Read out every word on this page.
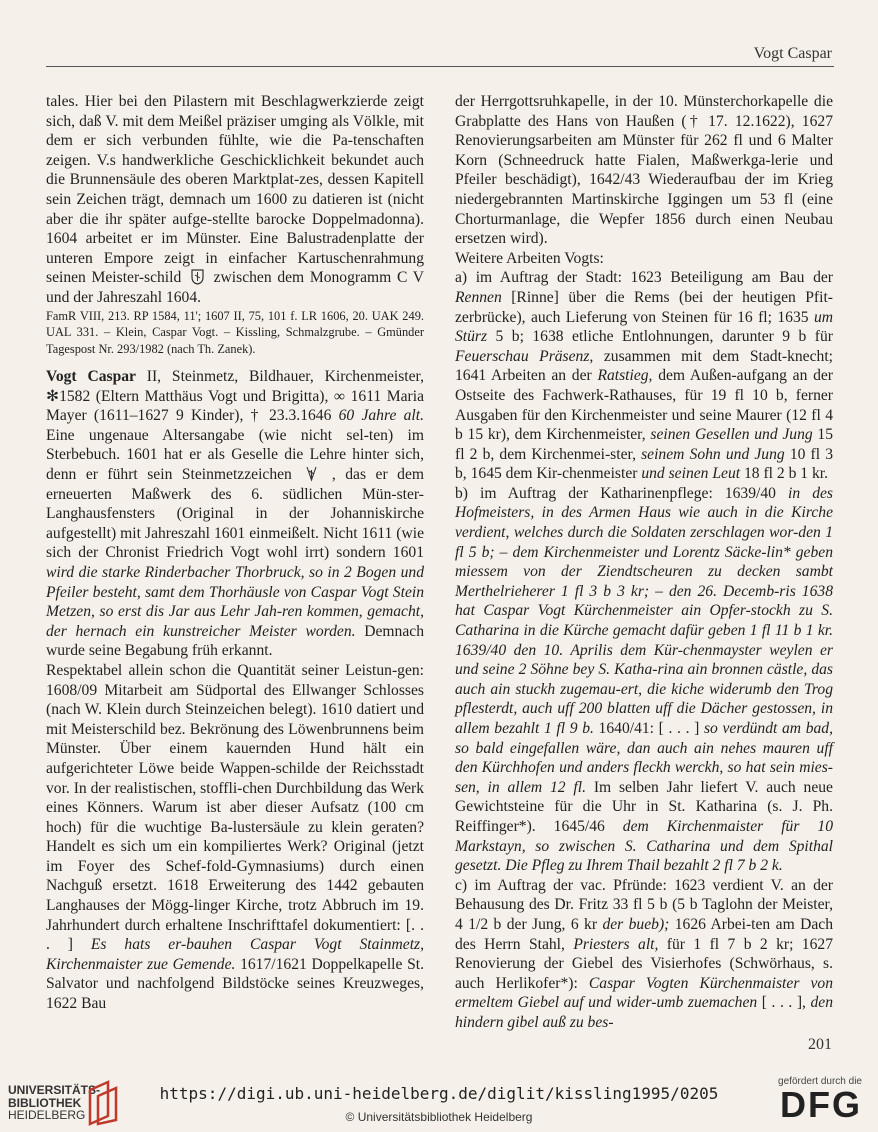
Vogt Caspar

tales. Hier bei den Pilastern mit Beschlagwerkzierde zeigt sich, daß V. mit dem Meißel präziser umging als Völkle, mit dem er sich verbunden fühlte, wie die Pa-tenschaften zeigen. V.s handwerkliche Geschicklichkeit bekundet auch die Brunnensäule des oberen Marktplat-zes, dessen Kapitell sein Zeichen trägt, demnach um 1600 zu datieren ist (nicht aber die ihr später aufge-stellte barocke Doppelmadonna). 1604 arbeitet er im Münster. Eine Balustradenplatte der unteren Empore zeigt in einfacher Kartuschenrahmung seinen Meister-schild  zwischen dem Monogramm C V und der Jahreszahl 1604.

FamR VIII, 213. RP 1584, 11'; 1607 II, 75, 101 f. LR 1606, 20. UAK 249. UAL 331. – Klein, Caspar Vogt. – Kissling, Schmalzgrube. – Gmünder Tagespost Nr. 293/1982 (nach Th. Zanek).

Vogt Caspar II, Steinmetz, Bildhauer, Kirchenmeister, ✻1582 (Eltern Matthäus Vogt und Brigitta), ∞ 1611 Maria Mayer (1611–1627 9 Kinder), † 23.3.1646 60 Jahre alt. Eine ungenaue Altersangabe (wie nicht sel-ten) im Sterbebuch. 1601 hat er als Geselle die Lehre hinter sich, denn er führt sein Steinmetzzeichen  , das er dem erneuerten Maßwerk des 6. südlichen Mün-ster-Langhausfensters (Original in der Johanniskirche aufgestellt) mit Jahreszahl 1601 einmeißelt. Nicht 1611 (wie sich der Chronist Friedrich Vogt wohl irrt) sondern 1601 wird die starke Rinderbacher Thorbruck, so in 2 Bogen und Pfeiler besteht, samt dem Thorhäusle von Caspar Vogt Stein Metzen, so erst dis Jar aus Lehr Jah-ren kommen, gemacht, der hernach ein kunstreicher Meister worden. Demnach wurde seine Begabung früh erkannt.

Respektabel allein schon die Quantität seiner Leistun-gen: 1608/09 Mitarbeit am Südportal des Ellwanger Schlosses (nach W. Klein durch Steinzeichen belegt). 1610 datiert und mit Meisterschild bez. Bekrönung des Löwenbrunnens beim Münster. Über einem kauernden Hund hält ein aufgerichteter Löwe beide Wappen-schilde der Reichsstadt vor. In der realistischen, stoffli-chen Durchbildung das Werk eines Könners. Warum ist aber dieser Aufsatz (100 cm hoch) für die wuchtige Ba-lustersäule zu klein geraten? Handelt es sich um ein kompiliertes Werk? Original (jetzt im Foyer des Schef-fold-Gymnasiums) durch einen Nachguß ersetzt. 1618 Erweiterung des 1442 gebauten Langhauses der Mögg-linger Kirche, trotz Abbruch im 19. Jahrhundert durch erhaltene Inschrifttafel dokumentiert: [. . . ] Es hats er-bauhen Caspar Vogt Stainmetz, Kirchenmaister zue Gemende. 1617/1621 Doppelkapelle St. Salvator und nachfolgend Bildstöcke seines Kreuzweges, 1622 Bau

der Herrgottsruhkapelle, in der 10. Münsterchorkapelle die Grabplatte des Hans von Haußen († 17. 12.1622), 1627 Renovierungsarbeiten am Münster für 262 fl und 6 Malter Korn (Schneedruck hatte Fialen, Maßwerkga-lerie und Pfeiler beschädigt), 1642/43 Wiederaufbau der im Krieg niedergebrannten Martinskirche Iggingen um 53 fl (eine Chorturmanlage, die Wepfer 1856 durch einen Neubau ersetzen wird).

Weitere Arbeiten Vogts:

a) im Auftrag der Stadt: 1623 Beteiligung am Bau der Rennen [Rinne] über die Rems (bei der heutigen Pfit-zerbrücke), auch Lieferung von Steinen für 16 fl; 1635 um Stürz 5 b; 1638 etliche Entlohnungen, darunter 9 b für Feuerschau Präsenz, zusammen mit dem Stadt-knecht; 1641 Arbeiten an der Ratstieg, dem Außen-aufgang an der Ostseite des Fachwerk-Rathauses, für 19 fl 10 b, ferner Ausgaben für den Kirchenmeister und seine Maurer (12 fl 4 b 15 kr), dem Kirchenmeister, seinen Gesellen und Jung 15 fl 2 b, dem Kirchenmei-ster, seinem Sohn und Jung 10 fl 3 b, 1645 dem Kir-chenmeister und seinen Leut 18 fl 2 b 1 kr.

b) im Auftrag der Katharinenpflege: 1639/40 in des Hofmeisters, in des Armen Haus wie auch in die Kirche verdient, welches durch die Soldaten zerschlagen wor-den 1 fl 5 b; – dem Kirchenmeister und Lorentz Säcke-lin* geben miessem von der Ziendtscheuren zu decken sambt Merthelrieherer 1 fl 3 b 3 kr; – den 26. Decemb-ris 1638 hat Caspar Vogt Kürchenmeister ain Opfer-stockh zu S. Catharina in die Kürche gemacht dafür geben 1 fl 11 b 1 kr. 1639/40 den 10. Aprilis dem Kür-chenmayster weylen er und seine 2 Söhne bey S. Katha-rina ain bronnen cästle, das auch ain stuckh zugemau-ert, die kiche widerumb den Trog pflesterdt, auch uff 200 blatten uff die Dächer gestossen, in allem bezahlt 1 fl 9 b. 1640/41: [ . . . ] so verdündt am bad, so bald eingefallen wäre, dan auch ain nehes mauren uff den Kürchhofen und anders fleckh werckh, so hat sein mies-sen, in allem 12 fl. Im selben Jahr liefert V. auch neue Gewichtsteine für die Uhr in St. Katharina (s. J. Ph. Reiffinger*). 1645/46 dem Kirchenmaister für 10 Markstayn, so zwischen S. Catharina und dem Spithal gesetzt. Die Pfleg zu Ihrem Thail bezahlt 2 fl 7 b 2 k.

c) im Auftrag der vac. Pfründe: 1623 verdient V. an der Behausung des Dr. Fritz 33 fl 5 b (5 b Taglohn der Meister, 4 1/2 b der Jung, 6 kr der bueb); 1626 Arbei-ten am Dach des Herrn Stahl, Priesters alt, für 1 fl 7 b 2 kr; 1627 Renovierung der Giebel des Visierhofes (Schwörhaus, s. auch Herlikofer*): Caspar Vogten Kürchenmaister von ermeltem Giebel auf und wider-umb zuemachen [ . . . ], den hindern gibel auß zu bes-

201
UNIVERSITÄTS-
BIBLIOTHEK
HEIDELBERG
https://digi.ub.uni-heidelberg.de/diglit/kissling1995/0205
© Universitätsbibliothek Heidelberg
gefördert durch die
DFG
